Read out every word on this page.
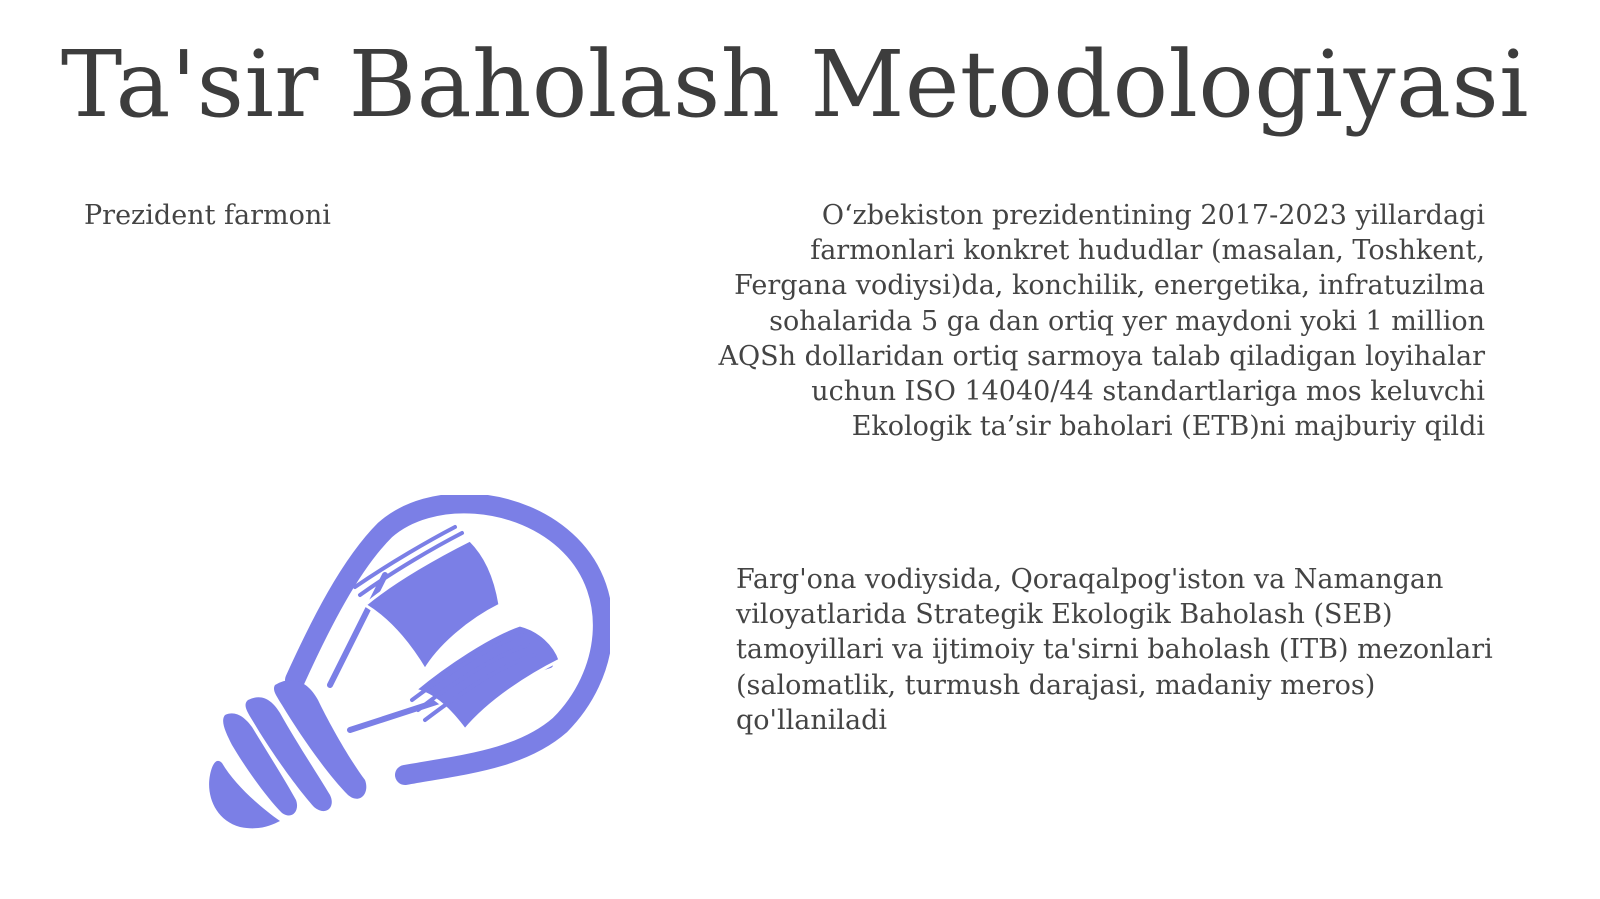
Ta'sir Baholash Metodologiyasi
Prezident farmoni	O‘zbekiston prezidentining 2017-2023 yillardagi farmonlari konkret hududlar (masalan, Toshkent, Fergana vodiysi)da, konchilik, energetika, infratuzilma sohalarida 5 ga dan ortiq yer maydoni yoki 1 million AQSh dollaridan ortiq sarmoya talab qiladigan loyihalar uchun ISO 14040/44 standartlariga mos keluvchi Ekologik ta’sir baholari (ETB)ni majburiy qildi
Farg'ona vodiysida, Qoraqalpog'iston va Namangan viloyatlarida Strategik Ekologik Baholash (SEB) tamoyillari va ijtimoiy ta'sirni baholash (ITB) mezonlari (salomatlik, turmush darajasi, madaniy meros) qo'llaniladi
